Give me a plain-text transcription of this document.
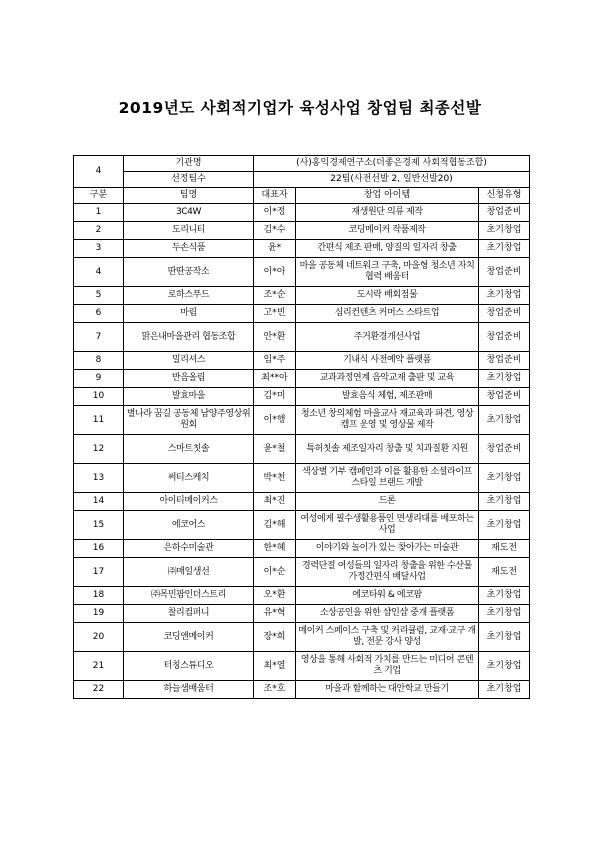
2019년도 사회적기업가 육성사업 창업팀 최종선발
4	기관명	(사)홍익경제연구소(더좋은경제 사회적협동조합)		
	선정팀수	22팀(사전선발 2, 일반선발20)		
구분	팀명	대표자	창업 아이템	신청유형
1	3C4W	이*정	재생원단 의류 제작	창업준비
2	도리니티	김*수	코딩메이커 작품제작	초기창업
3	두손식품	윤*	간편식 제조 판매, 양질의 일자리 창출	초기창업
4	딴딴공작소	이*아	마을 공동체 네트워크 구축, 마을형 청소년 자치 협력 배움터	창업준비
5	로하스푸드	조*순	도시락 배회점물	초기창업
6	마림	고*빈	심리컨텐츠 커머스 스타트업	창업준비
7	맑은내마을관리 협동조합	안*환	주거환경개선사업	창업준비
8	밀리셔스	임*주	기내식 사전예약 플랫폼	창업준비
9	반음올림	최**아	교과과정연계 음악교재 출판 및 교육	초기창업
10	발효마을	김*미	발효음식 체험, 제조판매	창업준비
11	별나라 꿈길 공동체 남양주영상위원회	이*행	청소년 창의체험 마을교사 재교육과 파견, 영상캠프 운영 및 영상물 제작	초기창업
12	스마트칫솔	윤*철	특허칫솔 제조일자리 창출 및 치과질환 지원	창업준비
13	써티스케치	박*천	색상별 기부 캠페인과 이를 활용한 소셜라이프스타일 브랜드 개발	초기창업
14	아이티메이커스	최*진	드론	초기창업
15	에코어스	김*해	여성에게 필수생활용품인 면생리대를 배포하는 사업	초기창업
16	은하수미술관	한*혜	이야기와 놀이가 있는 찾아가는 미술관	재도전
17	㈜매일생선	이*순	경력단절 여성들의 일자리 창출을 위한 수산물 가정간편식 배달사업	재도전
18	㈜목민팜인더스트리	오*환	에코타워 & 에코팜	초기창업
19	찰리컴퍼니	유*혁	소상공인을 위한 샵인샵 중개 플랫폼	초기창업
20	코딩앤메이커	장*희	메이커 스페이스 구축 및 커리큘럼, 교재·교구 개발, 전문 강사 양성	초기창업
21	터칭스튜디오	최*열	영상을 통해 사회적 가치를 만드는 미디어 콘텐츠 기업	초기창업
22	하늘샘배움터	조*호	마을과 함께하는 대안학교 만들기	초기창업
